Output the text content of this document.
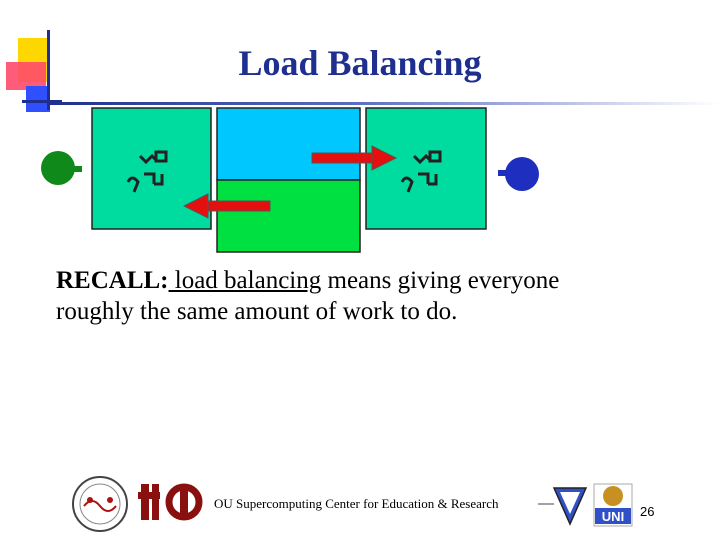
Load Balancing
RECALL: load balancing means giving everyone
roughly the same amount of work to do.
OU Supercomputing Center for Education & Research
UNI 26
